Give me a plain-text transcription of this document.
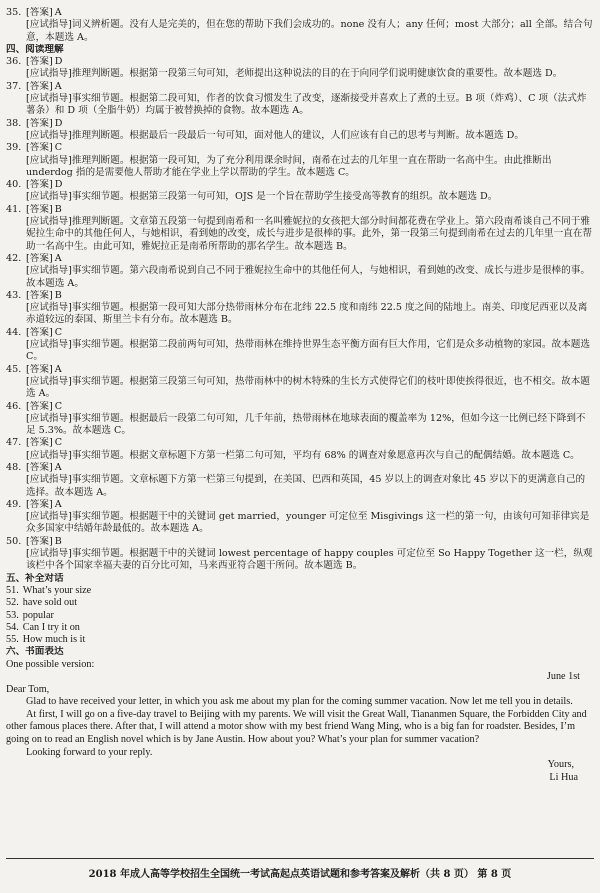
35. [ 答案 ] A
[ 应试指导 ] 词义辨析题。没有人是完美的，但在您的帮助下我们会成功的。none 没有人；any 任何；most 大部分；all 全部。结合句意，本题选 A。
四、阅读理解
36. [ 答案 ] D
[ 应试指导 ] 推理判断题。根据第一段第三句可知，老师提出这种说法的目的在于向同学们说明健康饮食的重要性。故本题选 D。
37. [ 答案 ] A
[ 应试指导 ] 事实细节题。根据第二段可知，作者的饮食习惯发生了改变，逐渐接受并喜欢上了煮的土豆。B 项（炸鸡）、C 项（法式炸薯条）和 D 项（全脂牛奶）均属于被替换掉的食物。故本题选 A。
38. [ 答案 ] D
[ 应试指导 ] 推理判断题。根据最后一段最后一句可知，面对他人的建议，人们应该有自己的思考与判断。故本题选 D。
39. [ 答案 ] C
[ 应试指导 ] 推理判断题。根据第一段可知，为了充分利用课余时间，南希在过去的几年里一直在帮助一名高中生。由此推断出 underdog 指的是需要他人帮助才能在学业上学以帮助的学生。故本题选 C。
40. [ 答案 ] D
[ 应试指导 ] 事实细节题。根据第三段第一句可知，OJS 是一个旨在帮助学生接受高等教育的组织。故本题选 D。
41. [ 答案 ] B
[ 应试指导 ] 推理判断题。文章第五段第一句提到南希和一名叫雅妮拉的女孩把大部分时间都花费在学业上。第六段南希谈自己不同于雅妮拉生命中的其他任何人，与她相识，看到她的改变，成长与进步是很棒的事。此外，第一段第三句提到南希在过去的几年里一直在帮助一名高中生。由此可知，雅妮拉正是南希所帮助的那名学生。故本题选 B。
42. [ 答案 ] A
[ 应试指导 ] 事实细节题。第六段南希说到自己不同于雅妮拉生命中的其他任何人，与她相识，看到她的改变、成长与进步是很棒的事。故本题选 A。
43. [ 答案 ] B
[ 应试指导 ] 事实细节题。根据第一段可知大部分热带雨林分布在北纬 22.5 度和南纬 22.5 度之间的陆地上。南美、印度尼西亚以及离赤道较远的泰国、斯里兰卡有分布。故本题选 B。
44. [ 答案 ] C
[ 应试指导 ] 事实细节题。根据第二段前两句可知，热带雨林在维持世界生态平衡方面有巨大作用，它们是众多动植物的家园。故本题选 C。
45. [ 答案 ] A
[ 应试指导 ] 事实细节题。根据第三段第三句可知，热带雨林中的树木特殊的生长方式使得它们的枝叶即使挨得很近，也不相交。故本题选 A。
46. [ 答案 ] C
[ 应试指导 ] 事实细节题。根据最后一段第二句可知，几千年前，热带雨林在地球表面的覆盖率为 12%，但如今这一比例已经下降到不足 5.3%。故本题选 C。
47. [ 答案 ] C
[ 应试指导 ] 事实细节题。根据文章标题下方第一栏第二句可知，平均有 68% 的调查对象愿意再次与自己的配偶结婚。故本题选 C。
48. [ 答案 ] A
[ 应试指导 ] 事实细节题。文章标题下方第一栏第三句提到，在美国、巴西和英国，45 岁以上的调查对象比 45 岁以下的更满意自己的选择。故本题选 A。
49. [ 答案 ] A
[ 应试指导 ] 事实细节题。根据题干中的关键词 get married，younger 可定位至 Misgivings 这一栏的第一句，由该句可知菲律宾是众多国家中结婚年龄最低的。故本题选 A。
50. [ 答案 ] B
[ 应试指导 ] 事实细节题。根据题干中的关键词 lowest percentage of happy couples 可定位至 So Happy Together 这一栏，纵观该栏中各个国家幸福夫妻的百分比可知，马来西亚符合题干所问。故本题选 B。
五、补全对话
51. What’s your size
52. have sold out
53. popular
54. Can I try it on
55. How much is it
六、书面表达
One possible version:
June 1st
Dear Tom,
Glad to have received your letter, in which you ask me about my plan for the coming summer vacation. Now let me tell you in details.
At first, I will go on a five-day travel to Beijing with my parents. We will visit the Great Wall, Tiananmen Square, the Forbidden City and other famous places there. After that, I will attend a motor show with my best friend Wang Ming, who is a big fan for roadster. Besides, I’m going on to read an English novel which is by Jane Austin. How about you? What’s your plan for summer vacation?
Looking forward to your reply.
Yours,
Li Hua
2018 年成人高等学校招生全国统一考试高起点英语试题和参考答案及解析（共 8 页） 第 8 页
